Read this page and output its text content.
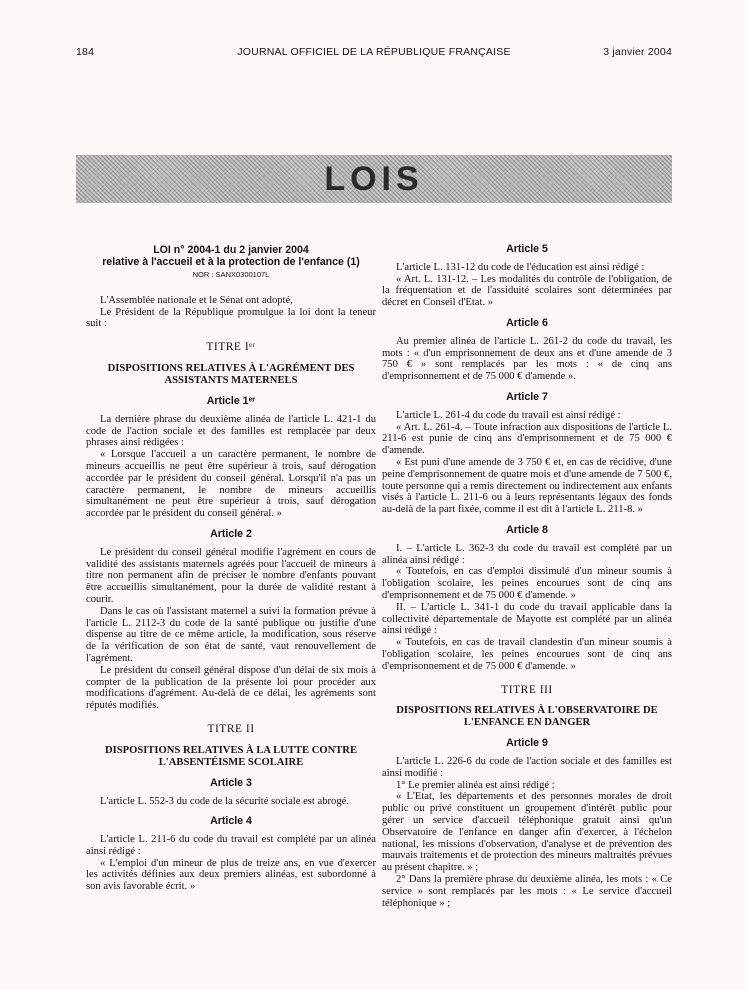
184	JOURNAL OFFICIEL DE LA RÉPUBLIQUE FRANÇAISE	3 janvier 2004
LOIS
LOI n° 2004-1 du 2 janvier 2004
relative à l'accueil et à la protection de l'enfance (1)
NOR : SANX0300107L

L'Assemblée nationale et le Sénat ont adopté,

Le Président de la République promulgue la loi dont la teneur suit :

TITRE Iᵉʳ
DISPOSITIONS RELATIVES À L'AGRÉMENT DES ASSISTANTS MATERNELS
Article 1ᵉʳ

La dernière phrase du deuxième alinéa de l'article L. 421-1 du code de l'action sociale et des familles est remplacée par deux phrases ainsi rédigées :

« Lorsque l'accueil a un caractère permanent, le nombre de mineurs accueillis ne peut être supérieur à trois, sauf dérogation accordée par le président du conseil général. Lorsqu'il n'a pas un caractère permanent, le nombre de mineurs accueillis simultanément ne peut être supérieur à trois, sauf dérogation accordée par le président du conseil général. »

Article 2

Le président du conseil général modifie l'agrément en cours de validité des assistants maternels agréés pour l'accueil de mineurs à titre non permanent afin de préciser le nombre d'enfants pouvant être accueillis simultanément, pour la durée de validité restant à courir.

Dans le cas où l'assistant maternel a suivi la formation prévue à l'article L. 2112-3 du code de la santé publique ou justifie d'une dispense au titre de ce même article, la modification, sous réserve de la vérification de son état de santé, vaut renouvellement de l'agrément.

Le président du conseil général dispose d'un délai de six mois à compter de la publication de la présente loi pour procéder aux modifications d'agrément. Au-delà de ce délai, les agréments sont réputés modifiés.

TITRE II
DISPOSITIONS RELATIVES À LA LUTTE CONTRE L'ABSENTÉISME SCOLAIRE
Article 3

L'article L. 552-3 du code de la sécurité sociale est abrogé.

Article 4

L'article L. 211-6 du code du travail est complété par un alinéa ainsi rédigé :

« L'emploi d'un mineur de plus de treize ans, en vue d'exercer les activités définies aux deux premiers alinéas, est subordonné à son avis favorable écrit. »

Article 5

L'article L. 131-12 du code de l'éducation est ainsi rédigé :

« Art. L. 131-12. – Les modalités du contrôle de l'obligation, de la fréquentation et de l'assiduité scolaires sont déterminées par décret en Conseil d'Etat. »

Article 6

Au premier alinéa de l'article L. 261-2 du code du travail, les mots : « d'un emprisonnement de deux ans et d'une amende de 3 750 € » sont remplacés par les mots : « de cinq ans d'emprisonnement et de 75 000 € d'amende ».

Article 7

L'article L. 261-4 du code du travail est ainsi rédigé :

« Art. L. 261-4. – Toute infraction aux dispositions de l'article L. 211-6 est punie de cinq ans d'emprisonnement et de 75 000 € d'amende.

« Est puni d'une amende de 3 750 € et, en cas de récidive, d'une peine d'emprisonnement de quatre mois et d'une amende de 7 500 €, toute personne qui a remis directement ou indirectement aux enfants visés à l'article L. 211-6 ou à leurs représentants légaux des fonds au-delà de la part fixée, comme il est dit à l'article L. 211-8. »

Article 8

I. – L'article L. 362-3 du code du travail est complété par un alinéa ainsi rédigé :

« Toutefois, en cas d'emploi dissimulé d'un mineur soumis à l'obligation scolaire, les peines encourues sont de cinq ans d'emprisonnement et de 75 000 € d'amende. »

II. – L'article L. 341-1 du code du travail applicable dans la collectivité départementale de Mayotte est complété par un alinéa ainsi rédigé :

« Toutefois, en cas de travail clandestin d'un mineur soumis à l'obligation scolaire, les peines encourues sont de cinq ans d'emprisonnement et de 75 000 € d'amende. »

TITRE III
DISPOSITIONS RELATIVES À L'OBSERVATOIRE DE L'ENFANCE EN DANGER
Article 9

L'article L. 226-6 du code de l'action sociale et des familles est ainsi modifié :

1° Le premier alinéa est ainsi rédigé :

« L'Etat, les départements et des personnes morales de droit public ou privé constituent un groupement d'intérêt public pour gérer un service d'accueil téléphonique gratuit ainsi qu'un Observatoire de l'enfance en danger afin d'exercer, à l'échelon national, les missions d'observation, d'analyse et de prévention des mauvais traitements et de protection des mineurs maltraités prévues au présent chapitre. » ;

2° Dans la première phrase du deuxième alinéa, les mots : « Ce service » sont remplacés par les mots : « Le service d'accueil téléphonique » ;
